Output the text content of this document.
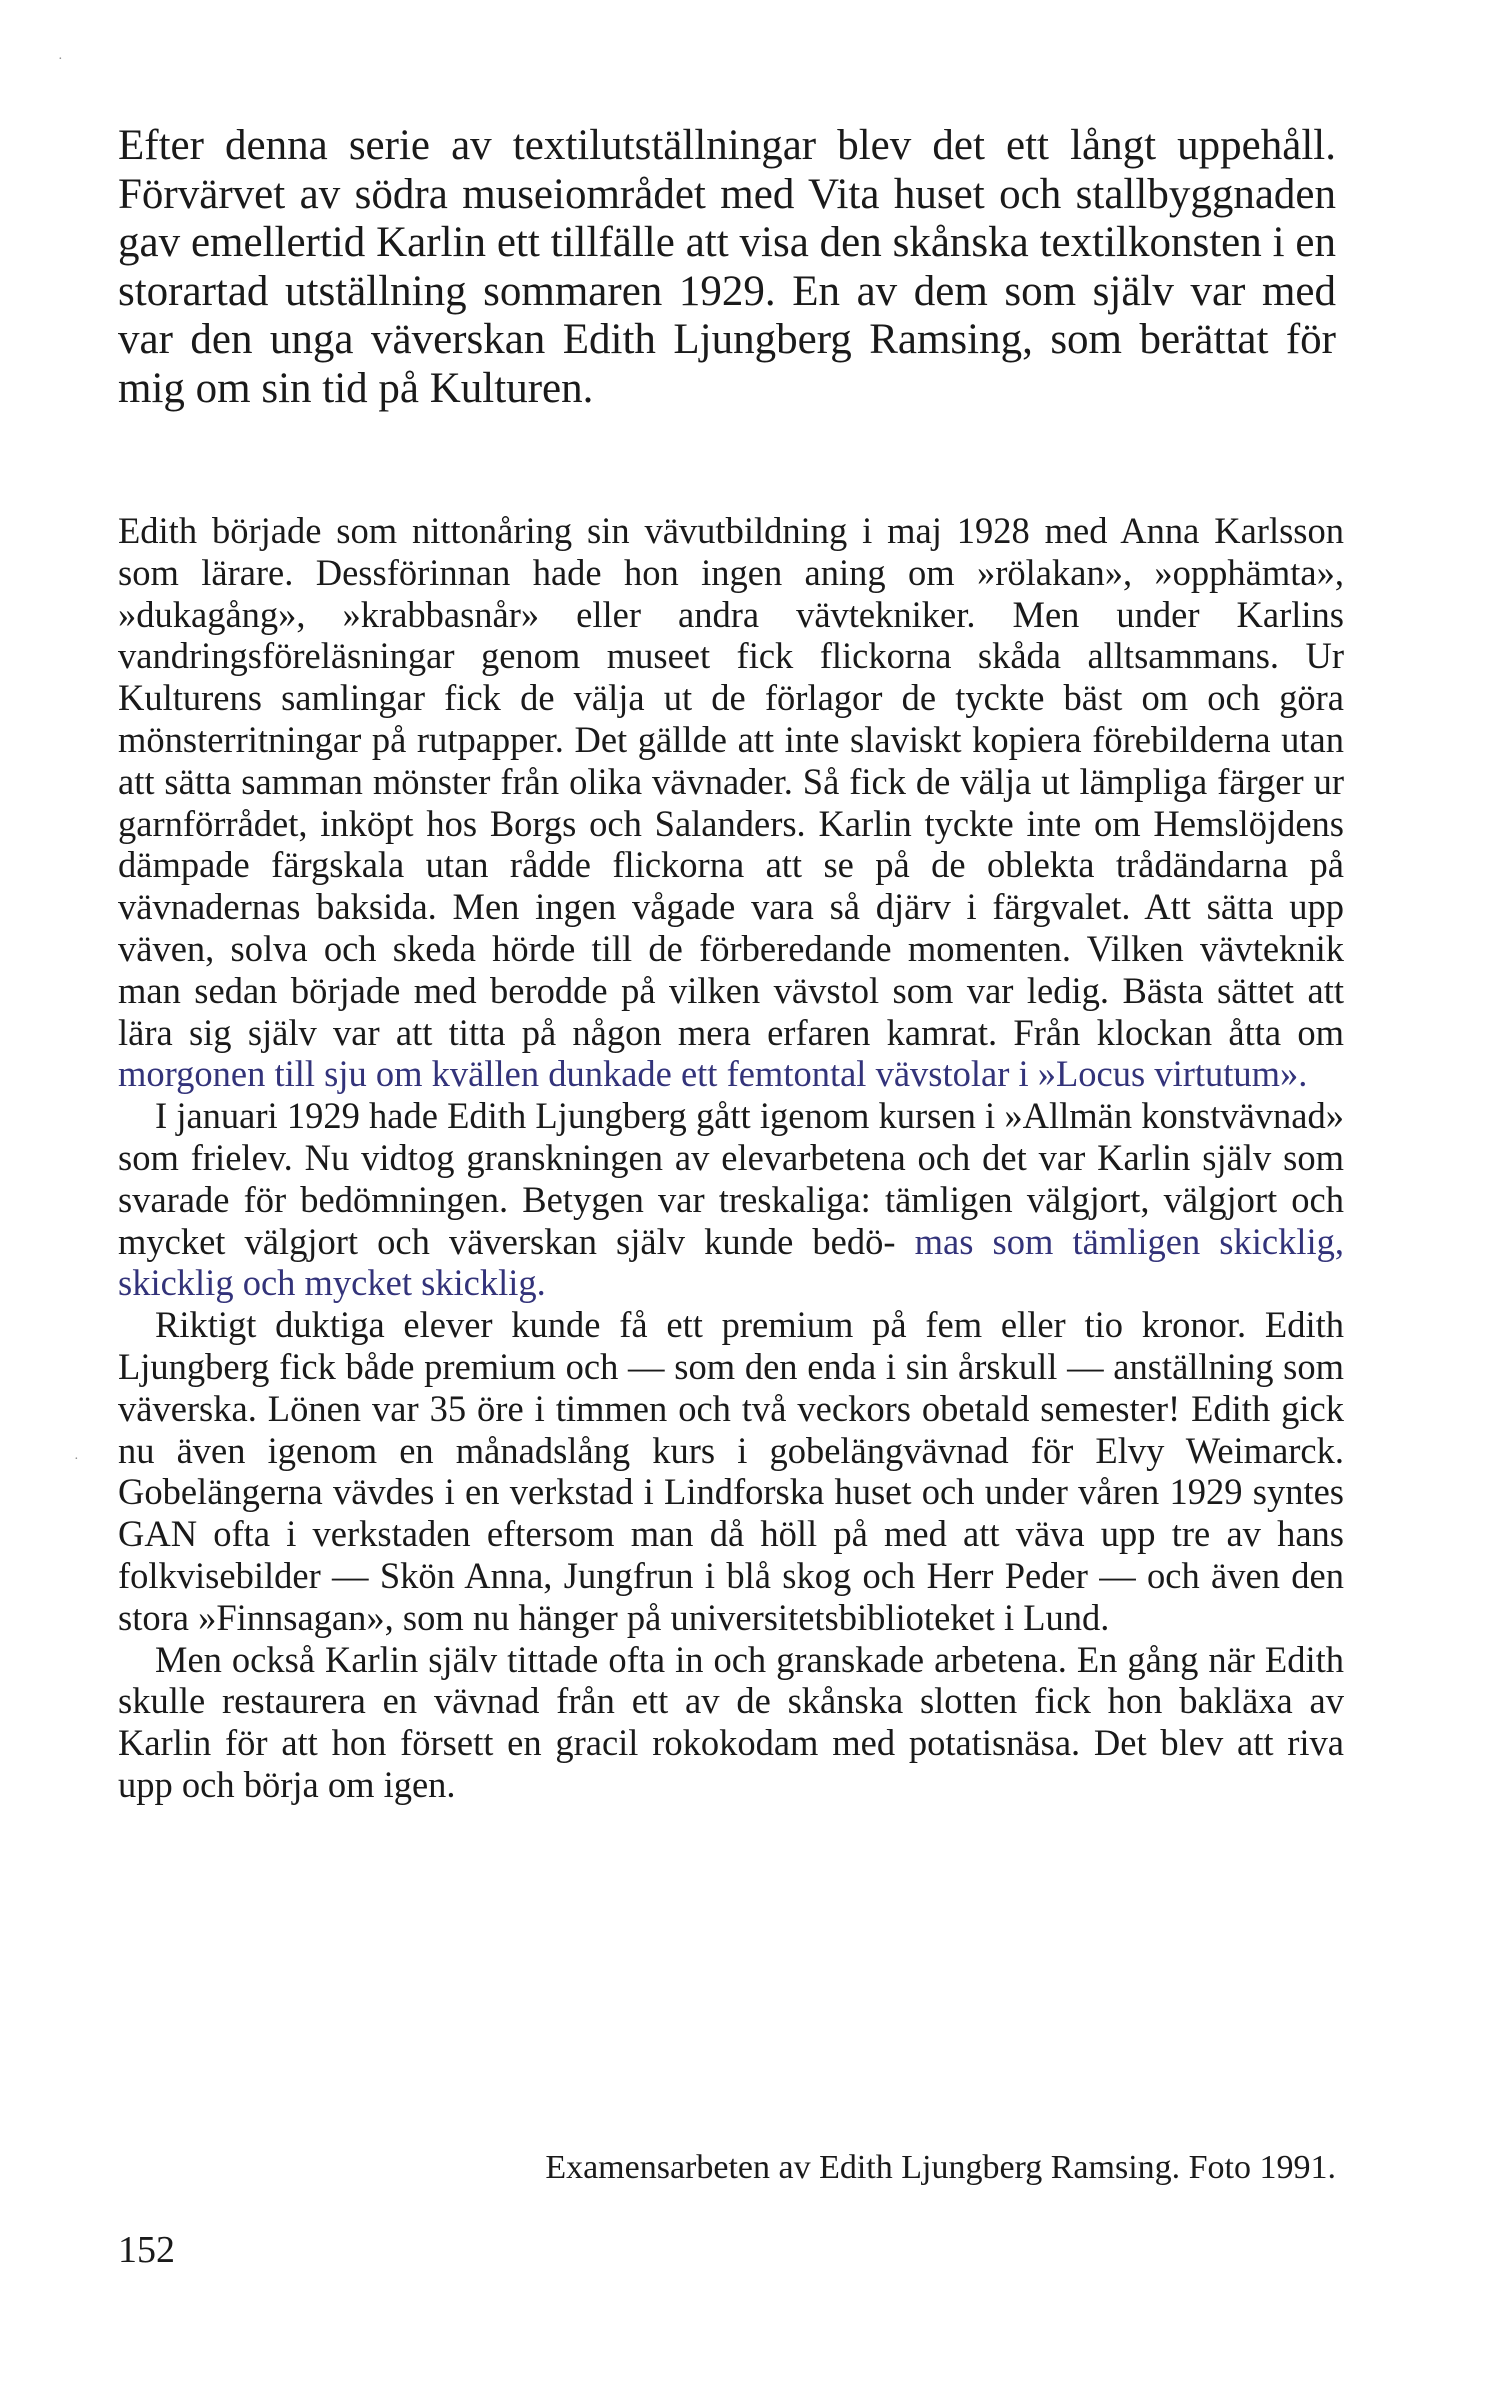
Efter denna serie av textilutställningar blev det ett långt uppehåll. Förvärvet av södra museiområdet med Vita huset och stallbyggnaden gav emellertid Karlin ett tillfälle att visa den skånska textilkonsten i en storartad utställning sommaren 1929. En av dem som själv var med var den unga väverskan Edith Ljungberg Ramsing, som berättat för mig om sin tid på Kulturen.

Edith började som nittonåring sin vävutbildning i maj 1928 med Anna Karlsson som lärare. Dessförinnan hade hon ingen aning om »rölakan», »opphämta», »dukagång», »krabbasnår» eller andra vävtekniker. Men under Karlins vandringsföreläsningar genom museet fick flickorna skåda alltsammans. Ur Kulturens samlingar fick de välja ut de förlagor de tyckte bäst om och göra mönsterritningar på rutpapper. Det gällde att inte slaviskt kopiera förebilderna utan att sätta samman mönster från olika vävnader. Så fick de välja ut lämpliga färger ur garnförrådet, inköpt hos Borgs och Salanders. Karlin tyckte inte om Hemslöjdens dämpade färgskala utan rådde flickorna att se på de oblekta trådändarna på vävnadernas baksida. Men ingen vågade vara så djärv i färgvalet. Att sätta upp väven, solva och skeda hörde till de förberedande momenten. Vilken vävteknik man sedan började med berodde på vilken vävstol som var ledig. Bästa sättet att lära sig själv var att titta på någon mera erfaren kamrat. Från klockan åtta om morgonen till sju om kvällen dunkade ett femtontal vävstolar i »Locus virtutum».

I januari 1929 hade Edith Ljungberg gått igenom kursen i »Allmän konstvävnad» som frielev. Nu vidtog granskningen av elevarbetena och det var Karlin själv som svarade för bedömningen. Betygen var treskaliga: tämligen välgjort, välgjort och mycket välgjort och väverskan själv kunde bedö- mas som tämligen skicklig, skicklig och mycket skicklig.

Riktigt duktiga elever kunde få ett premium på fem eller tio kronor. Edith Ljungberg fick både premium och — som den enda i sin årskull — anställning som väverska. Lönen var 35 öre i timmen och två veckors obetald semester! Edith gick nu även igenom en månadslång kurs i gobelängvävnad för Elvy Weimarck. Gobelängerna vävdes i en verkstad i Lindforska huset och under våren 1929 syntes GAN ofta i verkstaden eftersom man då höll på med att väva upp tre av hans folkvisebilder — Skön Anna, Jungfrun i blå skog och Herr Peder — och även den stora »Finnsagan», som nu hänger på universitetsbiblioteket i Lund.

Men också Karlin själv tittade ofta in och granskade arbetena. En gång när Edith skulle restaurera en vävnad från ett av de skånska slotten fick hon bakläxa av Karlin för att hon försett en gracil rokokodam med potatisnäsa. Det blev att riva upp och börja om igen.

Examensarbeten av Edith Ljungberg Ramsing. Foto 1991.

152

·
·
